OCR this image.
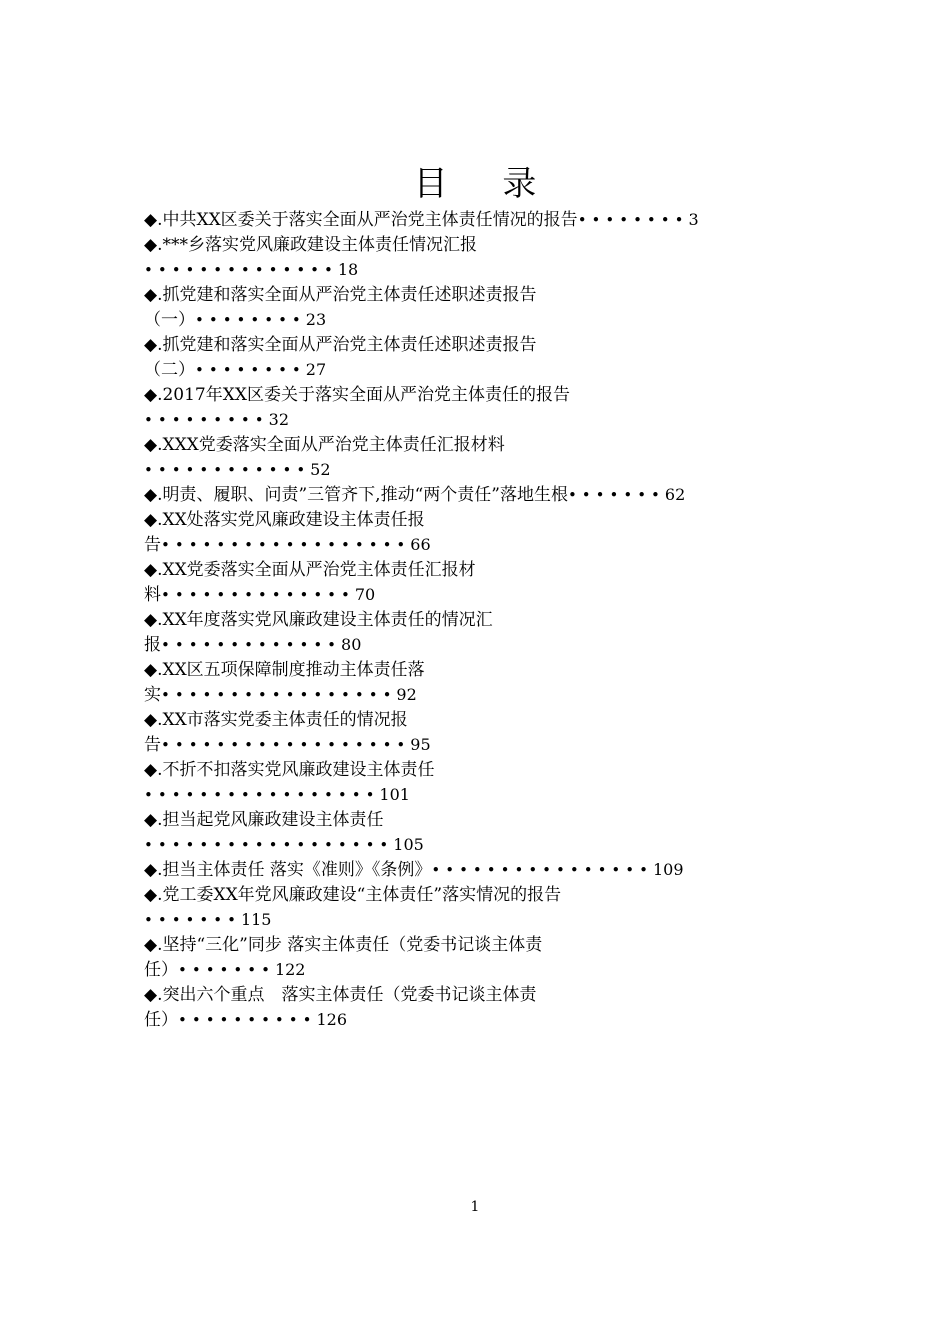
目 录
◆.中共XX区委关于落实全面从严治党主体责任情况的报告••••••••3
◆.***乡落实党风廉政建设主体责任情况汇报
••••••••••••••18
◆.抓党建和落实全面从严治党主体责任述职述责报告
（一）••••••••23
◆.抓党建和落实全面从严治党主体责任述职述责报告
（二）••••••••27
◆.2017年XX区委关于落实全面从严治党主体责任的报告
•••••••••32
◆.XXX党委落实全面从严治党主体责任汇报材料
••••••••••••52
◆.明责、履职、问责”三管齐下,推动“两个责任”落地生根•••••••62
◆.XX处落实党风廉政建设主体责任报
告••••••••••••••••••66
◆.XX党委落实全面从严治党主体责任汇报材
料••••••••••••••70
◆.XX年度落实党风廉政建设主体责任的情况汇
报•••••••••••••80
◆.XX区五项保障制度推动主体责任落
实•••••••••••••••••92
◆.XX市落实党委主体责任的情况报
告••••••••••••••••••95
◆.不折不扣落实党风廉政建设主体责任
•••••••••••••••••101
◆.担当起党风廉政建设主体责任
••••••••••••••••••105
◆.担当主体责任 落实《准则》《条例》••••••••••••••••109
◆.党工委XX年党风廉政建设“主体责任”落实情况的报告
•••••••115
◆.坚持“三化”同步 落实主体责任（党委书记谈主体责
任）•••••••122
◆.突出六个重点　落实主体责任（党委书记谈主体责
任）••••••••••126
1
